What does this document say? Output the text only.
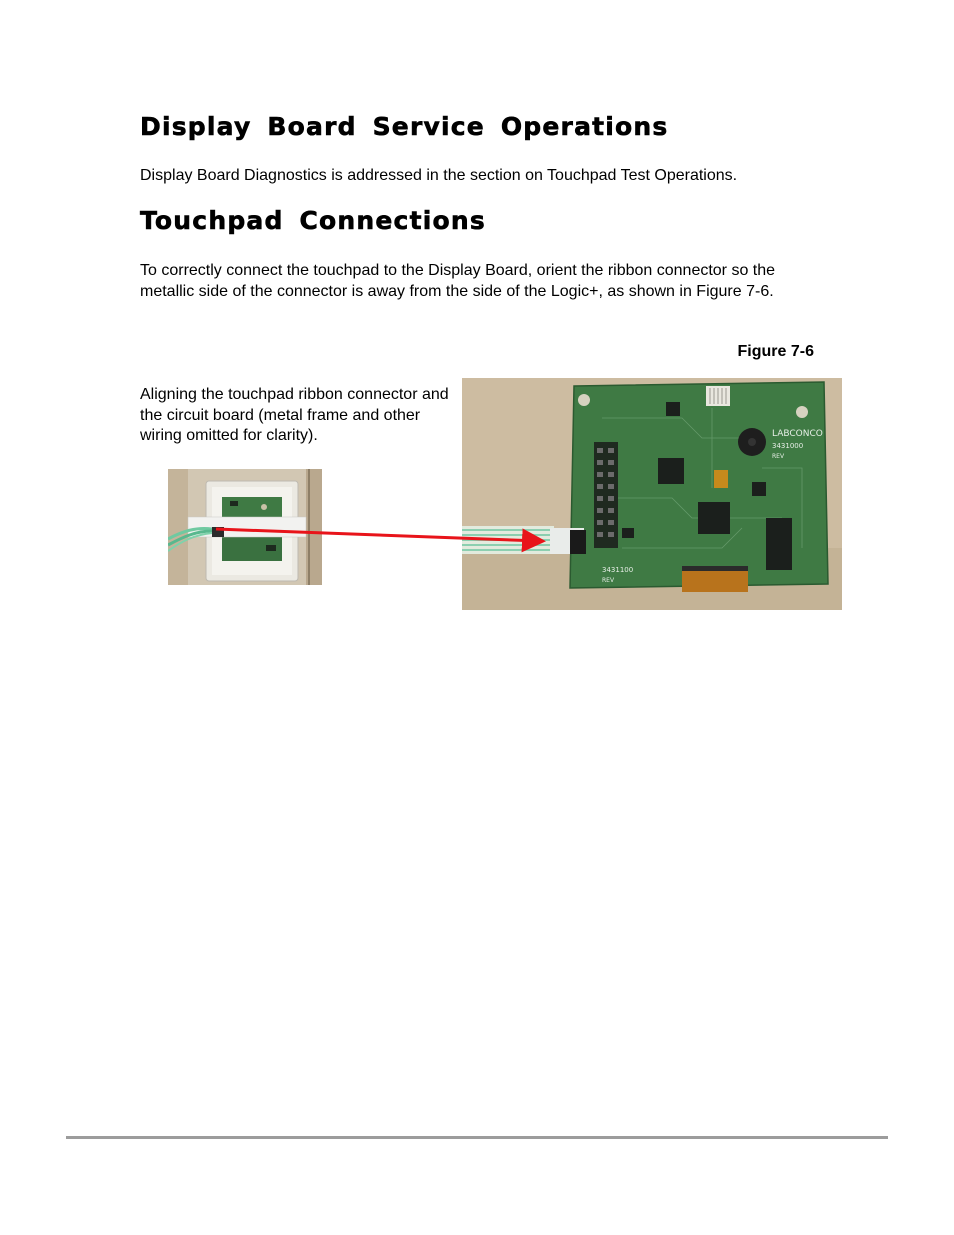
Display Board Service Operations

Display Board Diagnostics is addressed in the section on Touchpad Test Operations.

Touchpad Connections

To correctly connect the touchpad to the Display Board, orient the ribbon connector so the metallic side of the connector is away from the side of the Logic+, as shown in Figure 7-6.

Figure 7-6

Aligning the touchpad ribbon connector and the circuit board (metal frame and other wiring omitted for clarity).	LABCONCO
3431000
REV
3431100
REV
